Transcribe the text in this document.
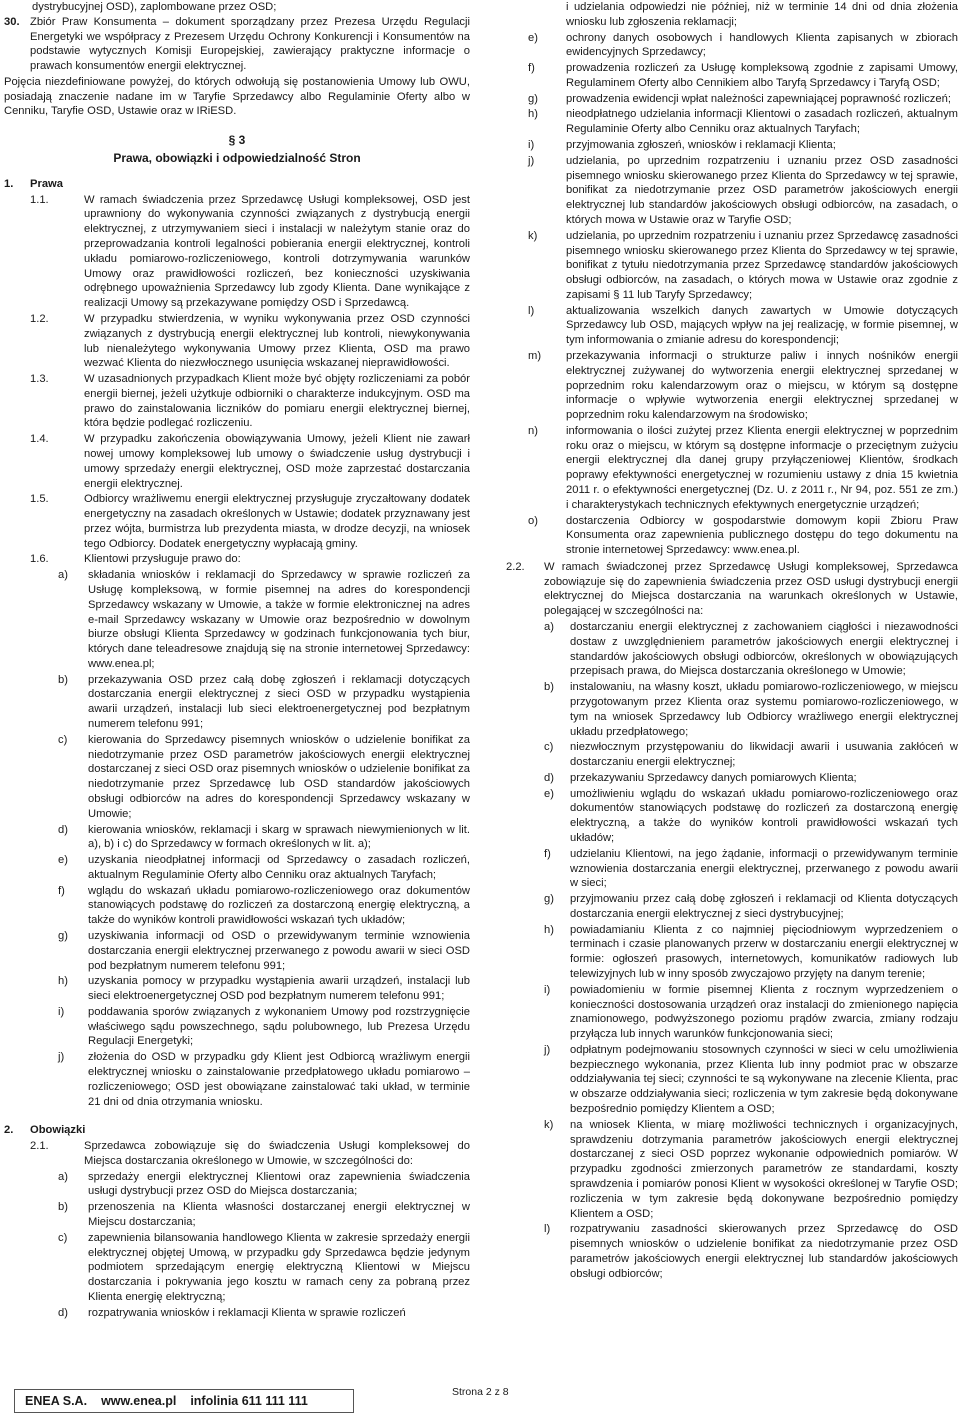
dystrybucyjnej OSD), zaplombowane przez OSD;

30. Zbiór Praw Konsumenta – dokument sporządzany przez Prezesa Urzędu Regulacji Energetyki we współpracy z Prezesem Urzędu Ochrony Konkurencji i Konsumentów na podstawie wytycznych Komisji Europejskiej, zawierający praktyczne informacje o prawach konsumentów energii elektrycznej.

Pojęcia niezdefiniowane powyżej, do których odwołują się postanowienia Umowy lub OWU, posiadają znaczenie nadane im w Taryfie Sprzedawcy albo Regulaminie Oferty albo w Cenniku, Taryfie OSD, Ustawie oraz w IRiESD.

§ 3
Prawa, obowiązki i odpowiedzialność Stron
1.	Prawa
1.1.	W ramach świadczenia przez Sprzedawcę Usługi kompleksowej, OSD jest uprawniony do wykonywania czynności związanych z dystrybucją energii elektrycznej, z utrzymywaniem sieci i instalacji w należytym stanie oraz do przeprowadzania kontroli legalności pobierania energii elektrycznej, kontroli układu pomiarowo-rozliczeniowego, kontroli dotrzymywania warunków Umowy oraz prawidłowości rozliczeń, bez konieczności uzyskiwania odrębnego upoważnienia Sprzedawcy lub zgody Klienta. Dane wynikające z realizacji Umowy są przekazywane pomiędzy OSD i Sprzedawcą.
1.2.	W przypadku stwierdzenia, w wyniku wykonywania przez OSD czynności związanych z dystrybucją energii elektrycznej lub kontroli, niewykonywania lub nienależytego wykonywania Umowy przez Klienta, OSD ma prawo wezwać Klienta do niezwłocznego usunięcia wskazanej nieprawidłowości.
1.3.	W uzasadnionych przypadkach Klient może być objęty rozliczeniami za pobór energii biernej, jeżeli użytkuje odbiorniki o charakterze indukcyjnym. OSD ma prawo do zainstalowania liczników do pomiaru energii elektrycznej biernej, która będzie podlegać rozliczeniu.
1.4.	W przypadku zakończenia obowiązywania Umowy, jeżeli Klient nie zawarł nowej umowy kompleksowej lub umowy o świadczenie usług dystrybucji i umowy sprzedaży energii elektrycznej, OSD może zaprzestać dostarczania energii elektrycznej.
1.5.	Odbiorcy wrażliwemu energii elektrycznej przysługuje zryczałtowany dodatek energetyczny na zasadach określonych w Ustawie; dodatek przyznawany jest przez wójta, burmistrza lub prezydenta miasta, w drodze decyzji, na wniosek tego Odbiorcy. Dodatek energetyczny wypłacają gminy.
1.6.	Klientowi przysługuje prawo do:
a)	składania wniosków i reklamacji do Sprzedawcy w sprawie rozliczeń za Usługę kompleksową, w formie pisemnej na adres do korespondencji Sprzedawcy wskazany w Umowie, a także w formie elektronicznej na adres e-mail Sprzedawcy wskazany w Umowie oraz bezpośrednio w dowolnym biurze obsługi Klienta Sprzedawcy w godzinach funkcjonowania tych biur, których dane teleadresowe znajdują się na stronie internetowej Sprzedawcy: www.enea.pl;
b)	przekazywania OSD przez całą dobę zgłoszeń i reklamacji dotyczących dostarczania energii elektrycznej z sieci OSD w przypadku wystąpienia awarii urządzeń, instalacji lub sieci elektroenergetycznej pod bezpłatnym numerem telefonu 991;
c)	kierowania do Sprzedawcy pisemnych wniosków o udzielenie bonifikat za niedotrzymanie przez OSD parametrów jakościowych energii elektrycznej dostarczanej z sieci OSD oraz pisemnych wniosków o udzielenie bonifikat za niedotrzymanie przez Sprzedawcę lub OSD standardów jakościowych obsługi odbiorców na adres do korespondencji Sprzedawcy wskazany w Umowie;
d)	kierowania wniosków, reklamacji i skarg w sprawach niewymienionych w lit. a), b) i c) do Sprzedawcy w formach określonych w lit. a);
e)	uzyskania nieodpłatnej informacji od Sprzedawcy o zasadach rozliczeń, aktualnym Regulaminie Oferty albo Cenniku oraz aktualnych Taryfach;
f)	wglądu do wskazań układu pomiarowo-rozliczeniowego oraz dokumentów stanowiących podstawę do rozliczeń za dostarczoną energię elektryczną, a także do wyników kontroli prawidłowości wskazań tych układów;
g)	uzyskiwania informacji od OSD o przewidywanym terminie wznowienia dostarczania energii elektrycznej przerwanego z powodu awarii w sieci OSD pod bezpłatnym numerem telefonu 991;
h)	uzyskania pomocy w przypadku wystąpienia awarii urządzeń, instalacji lub sieci elektroenergetycznej OSD pod bezpłatnym numerem telefonu 991;
i)	poddawania sporów związanych z wykonaniem Umowy pod rozstrzygnięcie właściwego sądu powszechnego, sądu polubownego, lub Prezesa Urzędu Regulacji Energetyki;
j)	złożenia do OSD w przypadku gdy Klient jest Odbiorcą wrażliwym energii elektrycznej wniosku o zainstalowanie przedpłatowego układu pomiarowo – rozliczeniowego; OSD jest obowiązane zainstalować taki układ, w terminie 21 dni od dnia otrzymania wniosku.
2.	Obowiązki
2.1.	Sprzedawca zobowiązuje się do świadczenia Usługi kompleksowej do Miejsca dostarczania określonego w Umowie, w szczególności do:
a)	sprzedaży energii elektrycznej Klientowi oraz zapewnienia świadczenia usługi dystrybucji przez OSD do Miejsca dostarczania;
b)	przenoszenia na Klienta własności dostarczanej energii elektrycznej w Miejscu dostarczania;
c)	zapewnienia bilansowania handlowego Klienta w zakresie sprzedaży energii elektrycznej objętej Umową, w przypadku gdy Sprzedawca będzie jedynym podmiotem sprzedającym energię elektryczną Klientowi w Miejscu dostarczania i pokrywania jego kosztu w ramach ceny za pobraną przez Klienta energię elektryczną;
d)	rozpatrywania wniosków i reklamacji Klienta w sprawie rozliczeń

i udzielania odpowiedzi nie później, niż w terminie 14 dni od dnia złożenia wniosku lub zgłoszenia reklamacji;

e)	ochrony danych osobowych i handlowych Klienta zapisanych w zbiorach ewidencyjnych Sprzedawcy;
f)	prowadzenia rozliczeń za Usługę kompleksową zgodnie z zapisami Umowy, Regulaminem Oferty albo Cennikiem albo Taryfą Sprzedawcy i Taryfą OSD;
g)	prowadzenia ewidencji wpłat należności zapewniającej poprawność rozliczeń;
h)	nieodpłatnego udzielania informacji Klientowi o zasadach rozliczeń, aktualnym Regulaminie Oferty albo Cenniku oraz aktualnych Taryfach;
i)	przyjmowania zgłoszeń, wniosków i reklamacji Klienta;
j)	udzielania, po uprzednim rozpatrzeniu i uznaniu przez OSD zasadności pisemnego wniosku skierowanego przez Klienta do Sprzedawcy w tej sprawie, bonifikat za niedotrzymanie przez OSD parametrów jakościowych energii elektrycznej lub standardów jakościowych obsługi odbiorców, na zasadach, o których mowa w Ustawie oraz w Taryfie OSD;
k)	udzielania, po uprzednim rozpatrzeniu i uznaniu przez Sprzedawcę zasadności pisemnego wniosku skierowanego przez Klienta do Sprzedawcy w tej sprawie, bonifikat z tytułu niedotrzymania przez Sprzedawcę standardów jakościowych obsługi odbiorców, na zasadach, o których mowa w Ustawie oraz zgodnie z zapisami § 11 lub Taryfy Sprzedawcy;
l)	aktualizowania wszelkich danych zawartych w Umowie dotyczących Sprzedawcy lub OSD, mających wpływ na jej realizację, w formie pisemnej, w tym informowania o zmianie adresu do korespondencji;
m)	przekazywania informacji o strukturze paliw i innych nośników energii elektrycznej zużywanej do wytworzenia energii elektrycznej sprzedanej w poprzednim roku kalendarzowym oraz o miejscu, w którym są dostępne informacje o wpływie wytworzenia energii elektrycznej sprzedanej w poprzednim roku kalendarzowym na środowisko;
n)	informowania o ilości zużytej przez Klienta energii elektrycznej w poprzednim roku oraz o miejscu, w którym są dostępne informacje o przeciętnym zużyciu energii elektrycznej dla danej grupy przyłączeniowej Klientów, środkach poprawy efektywności energetycznej w rozumieniu ustawy z dnia 15 kwietnia 2011 r. o efektywności energetycznej (Dz. U. z 2011 r., Nr 94, poz. 551 ze zm.) i charakterystykach technicznych efektywnych energetycznie urządzeń;
o)	dostarczenia Odbiorcy w gospodarstwie domowym kopii Zbioru Praw Konsumenta oraz zapewnienia publicznego dostępu do tego dokumentu na stronie internetowej Sprzedawcy: www.enea.pl.
2.2.	W ramach świadczonej przez Sprzedawcę Usługi kompleksowej, Sprzedawca zobowiązuje się do zapewnienia świadczenia przez OSD usługi dystrybucji energii elektrycznej do Miejsca dostarczania na warunkach określonych w Ustawie, polegającej w szczególności na:
a)	dostarczaniu energii elektrycznej z zachowaniem ciągłości i niezawodności dostaw z uwzględnieniem parametrów jakościowych energii elektrycznej i standardów jakościowych obsługi odbiorców, określonych w obowiązujących przepisach prawa, do Miejsca dostarczania określonego w Umowie;
b)	instalowaniu, na własny koszt, układu pomiarowo-rozliczeniowego, w miejscu przygotowanym przez Klienta oraz systemu pomiarowo-rozliczeniowego, w tym na wniosek Sprzedawcy lub Odbiorcy wrażliwego energii elektrycznej układu przedpłatowego;
c)	niezwłocznym przystępowaniu do likwidacji awarii i usuwania zakłóceń w dostarczaniu energii elektrycznej;
d)	przekazywaniu Sprzedawcy danych pomiarowych Klienta;
e)	umożliwieniu wglądu do wskazań układu pomiarowo-rozliczeniowego oraz dokumentów stanowiących podstawę do rozliczeń za dostarczoną energię elektryczną, a także do wyników kontroli prawidłowości wskazań tych układów;
f)	udzielaniu Klientowi, na jego żądanie, informacji o przewidywanym terminie wznowienia dostarczania energii elektrycznej, przerwanego z powodu awarii w sieci;
g)	przyjmowaniu przez całą dobę zgłoszeń i reklamacji od Klienta dotyczących dostarczania energii elektrycznej z sieci dystrybucyjnej;
h)	powiadamianiu Klienta z co najmniej pięciodniowym wyprzedzeniem o terminach i czasie planowanych przerw w dostarczaniu energii elektrycznej w formie: ogłoszeń prasowych, internetowych, komunikatów radiowych lub telewizyjnych lub w inny sposób zwyczajowo przyjęty na danym terenie;
i)	powiadomieniu w formie pisemnej Klienta z rocznym wyprzedzeniem o konieczności dostosowania urządzeń oraz instalacji do zmienionego napięcia znamionowego, podwyższonego poziomu prądów zwarcia, zmiany rodzaju przyłącza lub innych warunków funkcjonowania sieci;
j)	odpłatnym podejmowaniu stosownych czynności w sieci w celu umożliwienia bezpiecznego wykonania, przez Klienta lub inny podmiot prac w obszarze oddziaływania tej sieci; czynności te są wykonywane na zlecenie Klienta, prac w obszarze oddziaływania sieci; rozliczenia w tym zakresie będą dokonywane bezpośrednio pomiędzy Klientem a OSD;
k)	na wniosek Klienta, w miarę możliwości technicznych i organizacyjnych, sprawdzeniu dotrzymania parametrów jakościowych energii elektrycznej dostarczanej z sieci OSD poprzez wykonanie odpowiednich pomiarów. W przypadku zgodności zmierzonych parametrów ze standardami, koszty sprawdzenia i pomiarów ponosi Klient w wysokości określonej w Taryfie OSD; rozliczenia w tym zakresie będą dokonywane bezpośrednio pomiędzy Klientem a OSD;
l)	rozpatrywaniu zasadności skierowanych przez Sprzedawcę do OSD pisemnych wniosków o udzielenie bonifikat za niedotrzymanie przez OSD parametrów jakościowych energii elektrycznej lub standardów jakościowych obsługi odbiorców;
ENEA S.A. www.enea.pl infolinia 611 111 111
Strona 2 z 8
